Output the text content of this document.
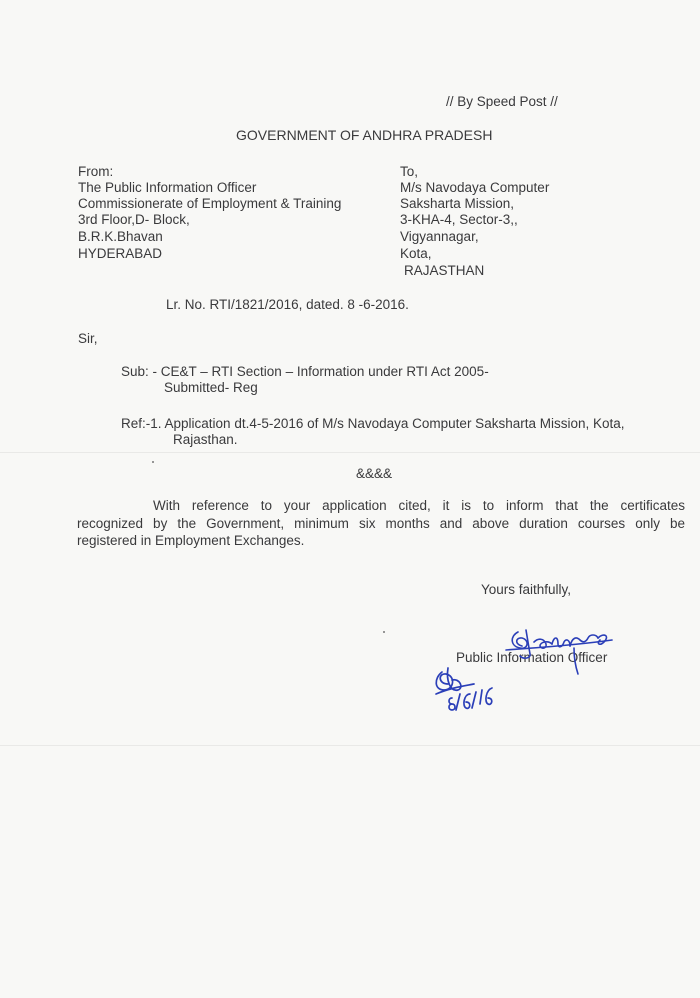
// By Speed Post //
GOVERNMENT OF ANDHRA PRADESH
From:
The Public Information Officer
Commissionerate of Employment & Training
3rd Floor,D- Block,
B.R.K.Bhavan
HYDERABAD
To,
M/s Navodaya Computer
Saksharta Mission,
3-KHA-4, Sector-3,,
Vigyannagar,
Kota,
RAJASTHAN
Lr. No. RTI/1821/2016, dated. 8 -6-2016.
Sir,
Sub: - CE&T – RTI Section – Information under RTI Act 2005-
Submitted- Reg
Ref:-1. Application dt.4-5-2016 of M/s Navodaya Computer Saksharta Mission, Kota,
Rajasthan.
&&&&
With reference to your application cited, it is to inform that the certificates
recognized by the Government, minimum six months and above duration courses only be
registered in Employment Exchanges.
Yours faithfully,
Public Information Officer
